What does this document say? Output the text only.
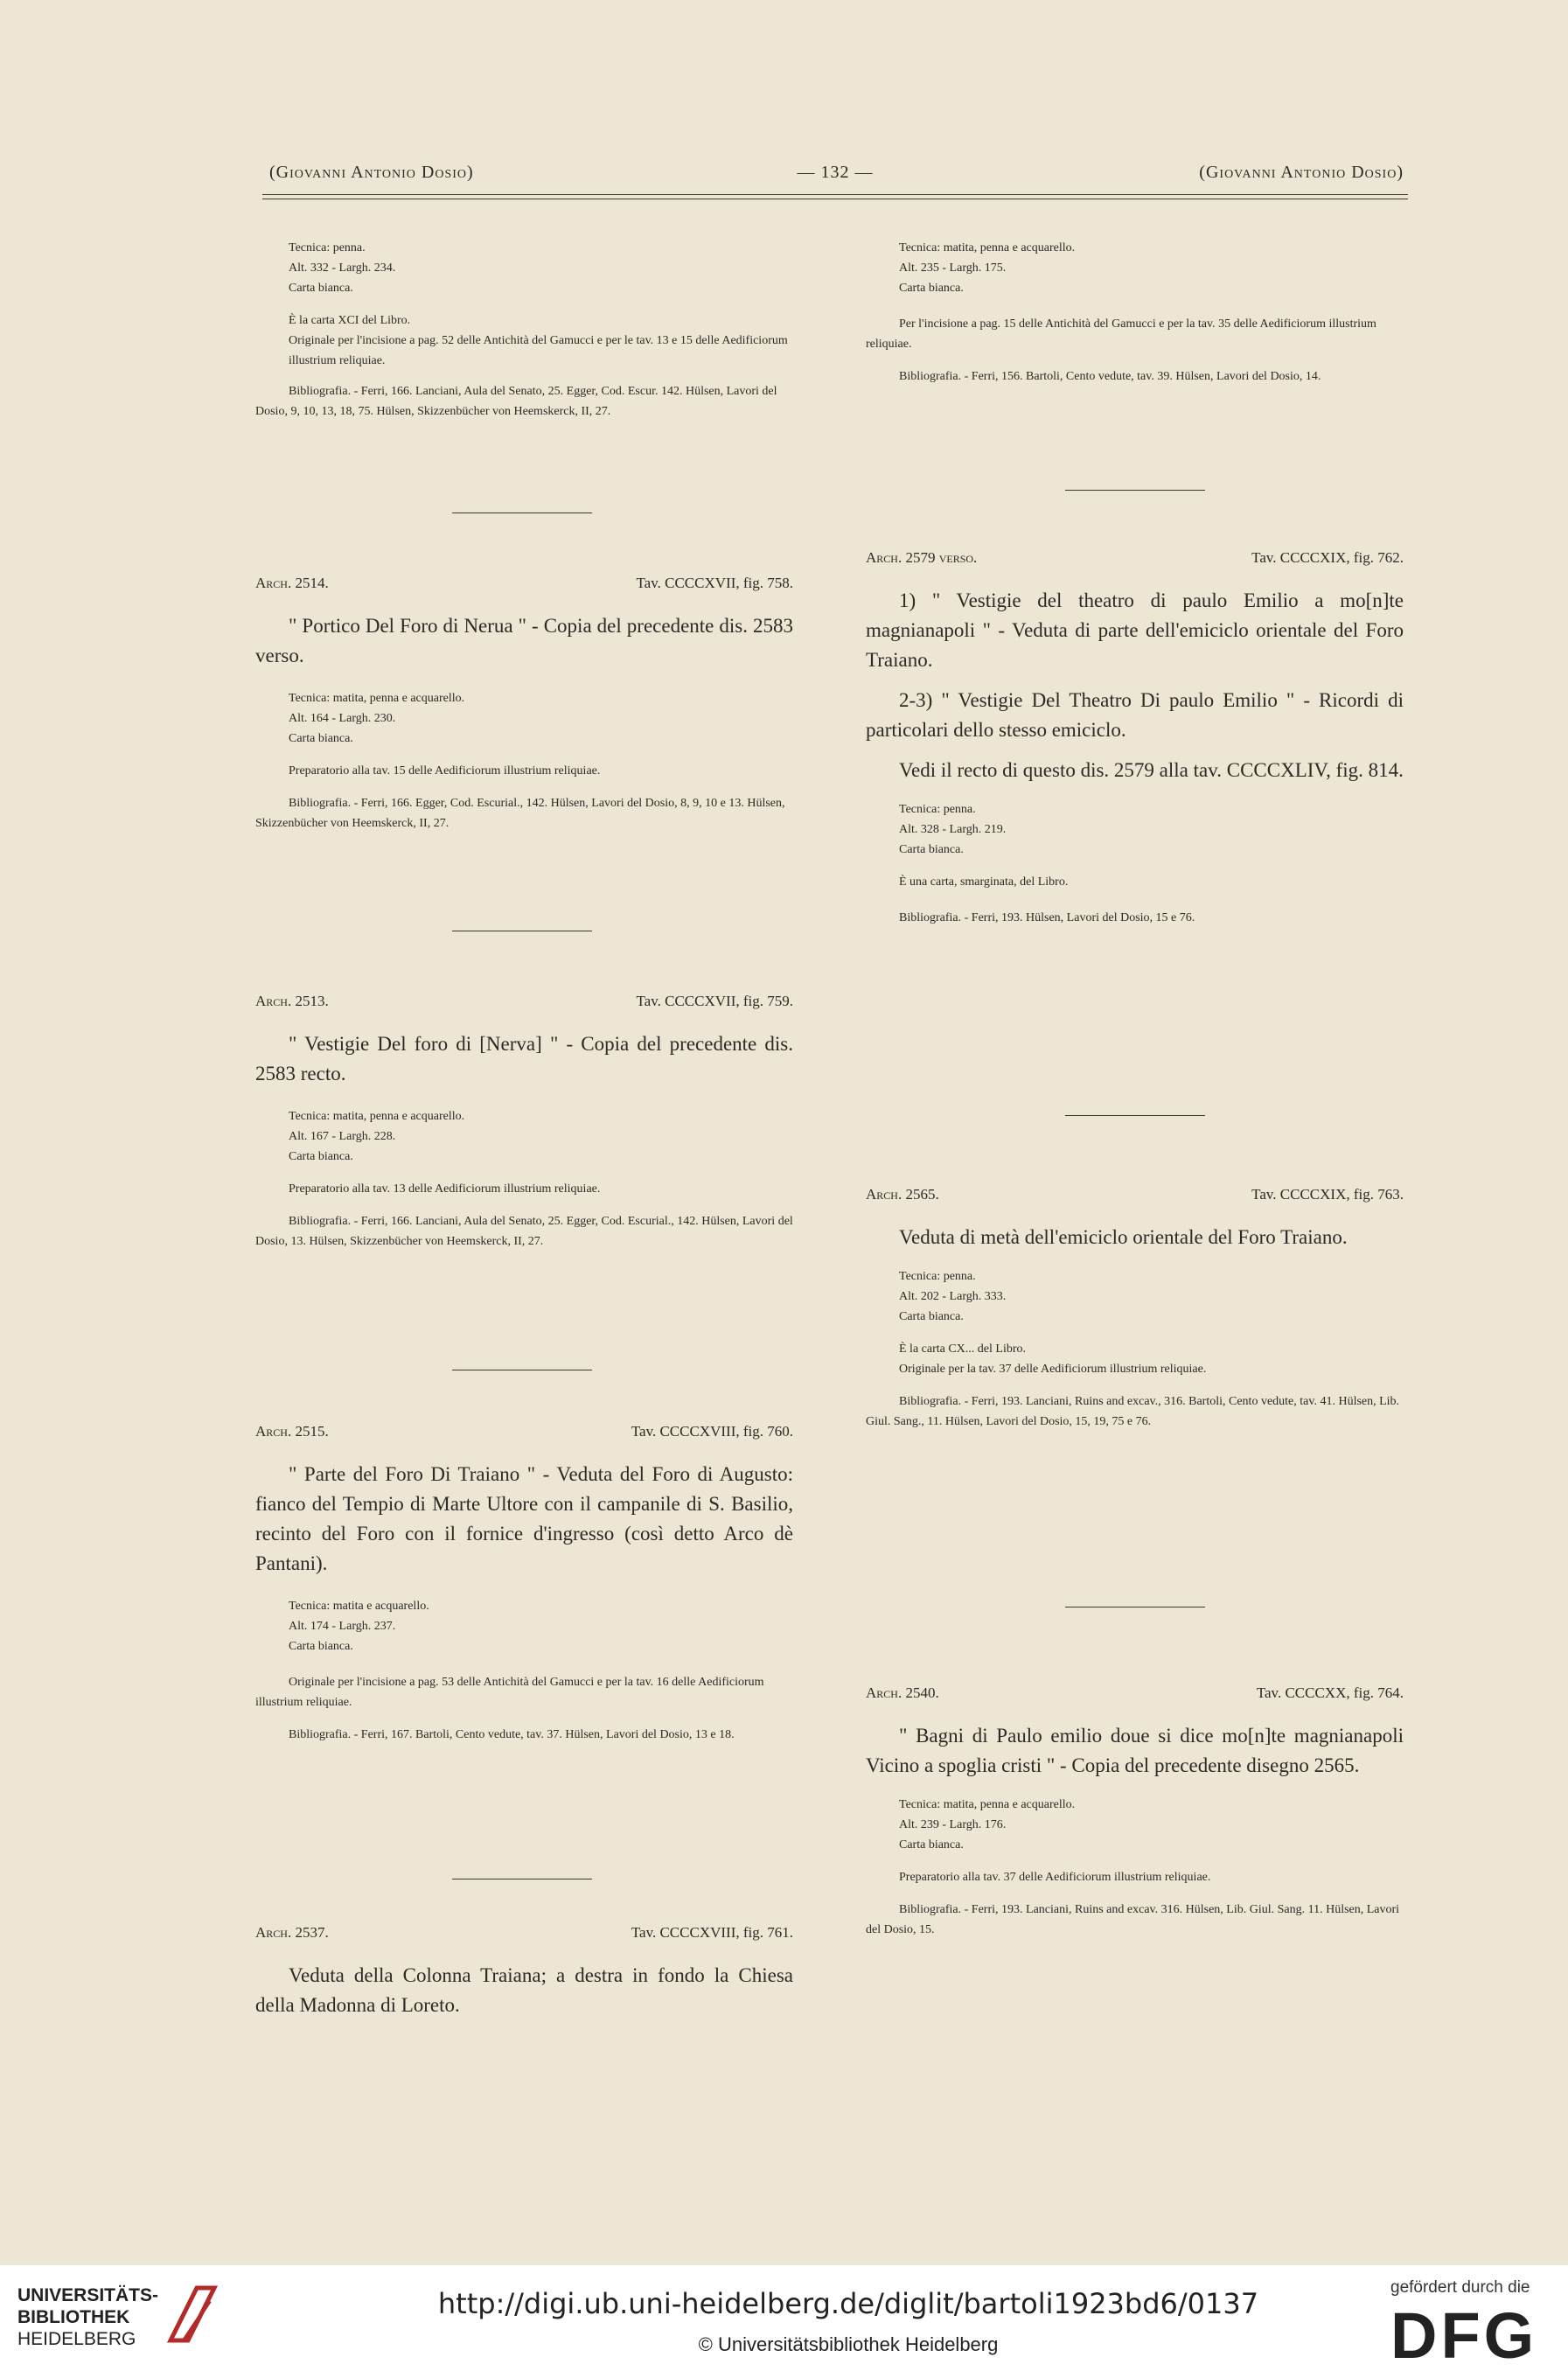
(Giovanni Antonio Dosio)	— 132 —	(Giovanni Antonio Dosio)
Tecnica: penna.
Alt. 332 - Largh. 234.
Carta bianca.
È la carta XCI del Libro.
Originale per l'incisione a pag. 52 delle Antichità del Gamucci e per le tav. 13 e 15 delle Aedificiorum illustrium reliquiae.
Bibliografia. - Ferri, 166. Lanciani, Aula del Senato, 25. Egger, Cod. Escur. 142. Hülsen, Lavori del Dosio, 9, 10, 13, 18, 75. Hülsen, Skizzenbücher von Heemskerck, II, 27.
Arch. 2514.	Tav. CCCCXVII, fig. 758.
" Portico Del Foro di Nerua " - Copia del precedente dis. 2583 verso.
Tecnica: matita, penna e acquarello.
Alt. 164 - Largh. 230.
Carta bianca.
Preparatorio alla tav. 15 delle Aedificiorum illustrium reliquiae.
Bibliografia. - Ferri, 166. Egger, Cod. Escurial., 142. Hülsen, Lavori del Dosio, 8, 9, 10 e 13. Hülsen, Skizzenbücher von Heemskerck, II, 27.
Arch. 2513.	Tav. CCCCXVII, fig. 759.
" Vestigie Del foro di [Nerva] " - Copia del precedente dis. 2583 recto.
Tecnica: matita, penna e acquarello.
Alt. 167 - Largh. 228.
Carta bianca.
Preparatorio alla tav. 13 delle Aedificiorum illustrium reliquiae.
Bibliografia. - Ferri, 166. Lanciani, Aula del Senato, 25. Egger, Cod. Escurial., 142. Hülsen, Lavori del Dosio, 13. Hülsen, Skizzenbücher von Heemskerck, II, 27.
Arch. 2515.	Tav. CCCCXVIII, fig. 760.
" Parte del Foro Di Traiano " - Veduta del Foro di Augusto: fianco del Tempio di Marte Ultore con il campanile di S. Basilio, recinto del Foro con il fornice d'ingresso (così detto Arco dè Pantani).
Tecnica: matita e acquarello.
Alt. 174 - Largh. 237.
Carta bianca.
Originale per l'incisione a pag. 53 delle Antichità del Gamucci e per la tav. 16 delle Aedificiorum illustrium reliquiae.
Bibliografia. - Ferri, 167. Bartoli, Cento vedute, tav. 37. Hülsen, Lavori del Dosio, 13 e 18.
Arch. 2537.	Tav. CCCCXVIII, fig. 761.
Veduta della Colonna Traiana; a destra in fondo la Chiesa della Madonna di Loreto.
Tecnica: matita, penna e acquarello.
Alt. 235 - Largh. 175.
Carta bianca.
Per l'incisione a pag. 15 delle Antichità del Gamucci e per la tav. 35 delle Aedificiorum illustrium reliquiae.
Bibliografia. - Ferri, 156. Bartoli, Cento vedute, tav. 39. Hülsen, Lavori del Dosio, 14.
Arch. 2579 verso.	Tav. CCCCXIX, fig. 762.
1) " Vestigie del theatro di paulo Emilio a mo[n]te magnianapoli " - Veduta di parte dell'emiciclo orientale del Foro Traiano.
2-3) " Vestigie Del Theatro Di paulo Emilio " - Ricordi di particolari dello stesso emiciclo.
Vedi il recto di questo dis. 2579 alla tav. CCCCXLIV, fig. 814.
Tecnica: penna.
Alt. 328 - Largh. 219.
Carta bianca.
È una carta, smarginata, del Libro.
Bibliografia. - Ferri, 193. Hülsen, Lavori del Dosio, 15 e 76.
Arch. 2565.	Tav. CCCCXIX, fig. 763.
Veduta di metà dell'emiciclo orientale del Foro Traiano.
Tecnica: penna.
Alt. 202 - Largh. 333.
Carta bianca.
È la carta CX... del Libro.
Originale per la tav. 37 delle Aedificiorum illustrium reliquiae.
Bibliografia. - Ferri, 193. Lanciani, Ruins and excav., 316. Bartoli, Cento vedute, tav. 41. Hülsen, Lib. Giul. Sang., 11. Hülsen, Lavori del Dosio, 15, 19, 75 e 76.
Arch. 2540.	Tav. CCCCXX, fig. 764.
" Bagni di Paulo emilio doue si dice mo[n]te magnianapoli Vicino a spoglia cristi " - Copia del precedente disegno 2565.
Tecnica: matita, penna e acquarello.
Alt. 239 - Largh. 176.
Carta bianca.
Preparatorio alla tav. 37 delle Aedificiorum illustrium reliquiae.
Bibliografia. - Ferri, 193. Lanciani, Ruins and excav. 316. Hülsen, Lib. Giul. Sang. 11. Hülsen, Lavori del Dosio, 15.
UNIVERSITÄTS-
BIBLIOTHEK
HEIDELBERG
http://digi.ub.uni-heidelberg.de/diglit/bartoli1923bd6/0137
© Universitätsbibliothek Heidelberg
gefördert durch die
DFG
